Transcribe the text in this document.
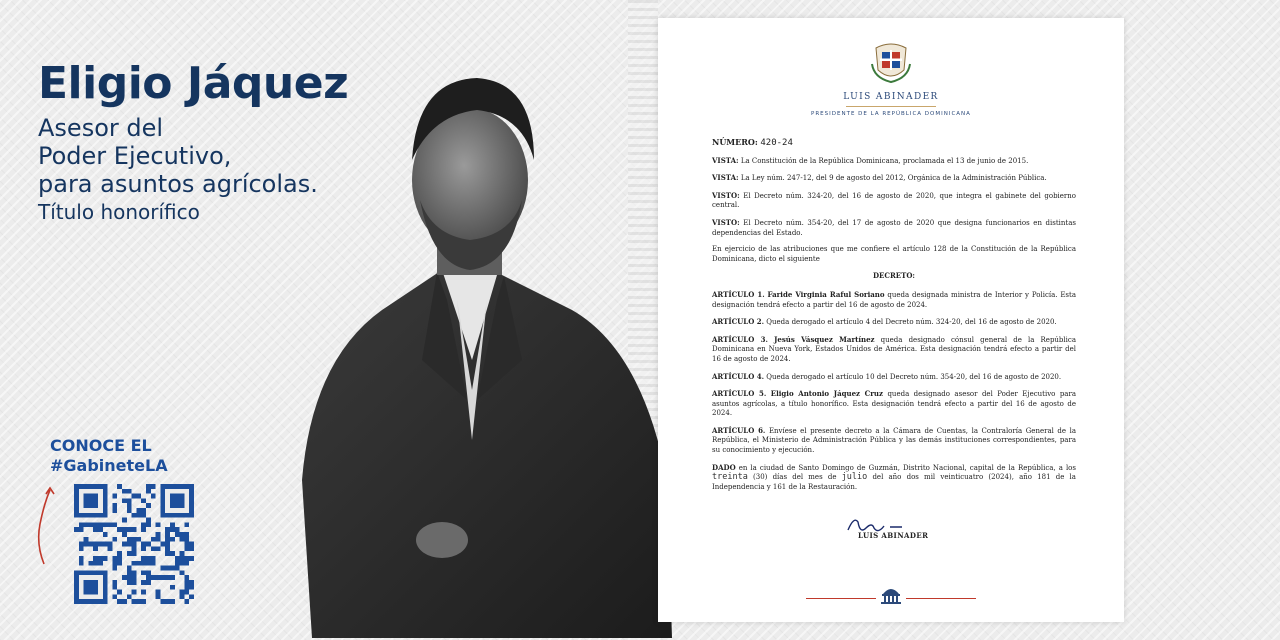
Eligio Jáquez
Asesor del
Poder Ejecutivo,
para asuntos agrícolas.
Título honorífico
CONOCE EL
#GabineteLA
LUIS ABINADER
PRESIDENTE DE LA REPÚBLICA DOMINICANA

NÚMERO: 420-24

VISTA: La Constitución de la República Dominicana, proclamada el 13 de junio de 2015.

VISTA: La Ley núm. 247-12, del 9 de agosto del 2012, Orgánica de la Administración Pública.

VISTO: El Decreto núm. 324-20, del 16 de agosto de 2020, que integra el gabinete del gobierno central.

VISTO: El Decreto núm. 354-20, del 17 de agosto de 2020 que designa funcionarios en distintas dependencias del Estado.

En ejercicio de las atribuciones que me confiere el artículo 128 de la Constitución de la República Dominicana, dicto el siguiente

DECRETO:

ARTÍCULO 1. Faride Virginia Raful Soriano queda designada ministra de Interior y Policía. Esta designación tendrá efecto a partir del 16 de agosto de 2024.

ARTÍCULO 2. Queda derogado el artículo 4 del Decreto núm. 324-20, del 16 de agosto de 2020.

ARTÍCULO 3. Jesús Vásquez Martínez queda designado cónsul general de la República Dominicana en Nueva York, Estados Unidos de América. Esta designación tendrá efecto a partir del 16 de agosto de 2024.

ARTÍCULO 4. Queda derogado el artículo 10 del Decreto núm. 354-20, del 16 de agosto de 2020.

ARTÍCULO 5. Eligio Antonio Jáquez Cruz queda designado asesor del Poder Ejecutivo para asuntos agrícolas, a título honorífico. Esta designación tendrá efecto a partir del 16 de agosto de 2024.

ARTÍCULO 6. Envíese el presente decreto a la Cámara de Cuentas, la Contraloría General de la República, el Ministerio de Administración Pública y las demás instituciones correspondientes, para su conocimiento y ejecución.

DADO en la ciudad de Santo Domingo de Guzmán, Distrito Nacional, capital de la República, a los treinta (30) días del mes de julio del año dos mil veinticuatro (2024), año 181 de la Independencia y 161 de la Restauración.

LUIS ABINADER
